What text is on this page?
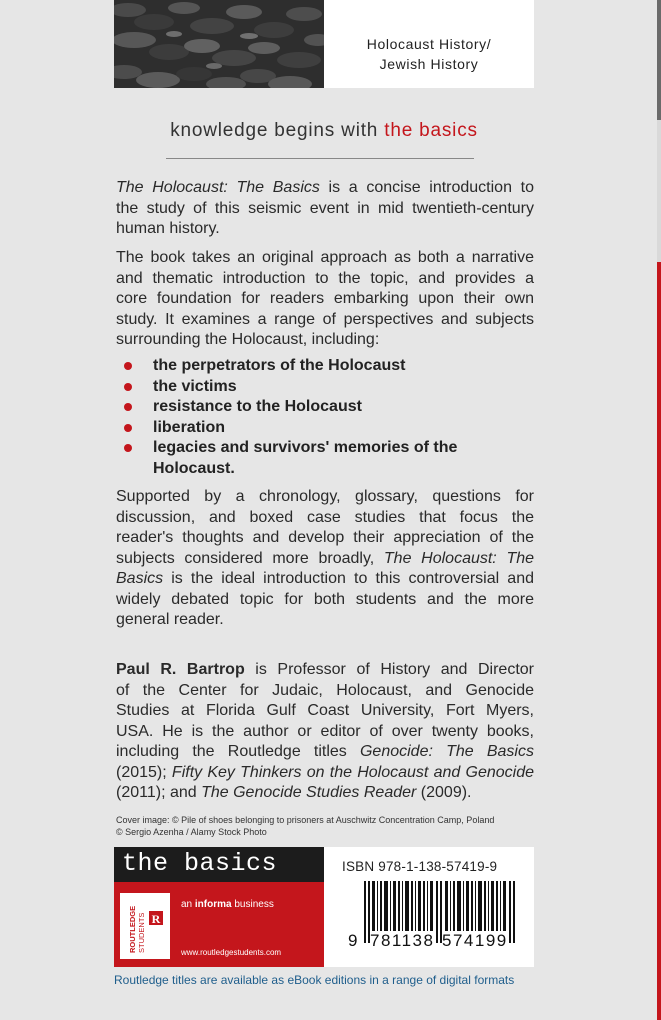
Holocaust History/
Jewish History
knowledge begins with the basics
The Holocaust: The Basics is a concise introduction to
the study of this seismic event in mid twentieth-century
human history.
The book takes an original approach as both a narrative
and thematic introduction to the topic, and provides a
core foundation for readers embarking upon their own
study. It examines a range of perspectives and subjects
surrounding the Holocaust, including:
the perpetrators of the Holocaust
the victims
resistance to the Holocaust
liberation
legacies and survivors' memories of the Holocaust.
Supported by a chronology, glossary, questions for
discussion, and boxed case studies that focus the
reader's thoughts and develop their appreciation of the
subjects considered more broadly, The Holocaust: The
Basics is the ideal introduction to this controversial and
widely debated topic for both students and the more
general reader.
Paul R. Bartrop is Professor of History and Director
of the Center for Judaic, Holocaust, and Genocide
Studies at Florida Gulf Coast University, Fort Myers,
USA. He is the author or editor of over twenty books,
including the Routledge titles Genocide: The Basics
(2015); Fifty Key Thinkers on the Holocaust and Genocide
(2011); and The Genocide Studies Reader (2009).
Cover image: © Pile of shoes belonging to prisoners at Auschwitz Concentration Camp, Poland
© Sergio Azenha / Alamy Stock Photo
the basics
R
ROUTLEDGE STUDENTS
an informa business
www.routledgestudents.com
ISBN 978-1-138-57419-9
9 781138 574199
Routledge titles are available as eBook editions in a range of digital formats
